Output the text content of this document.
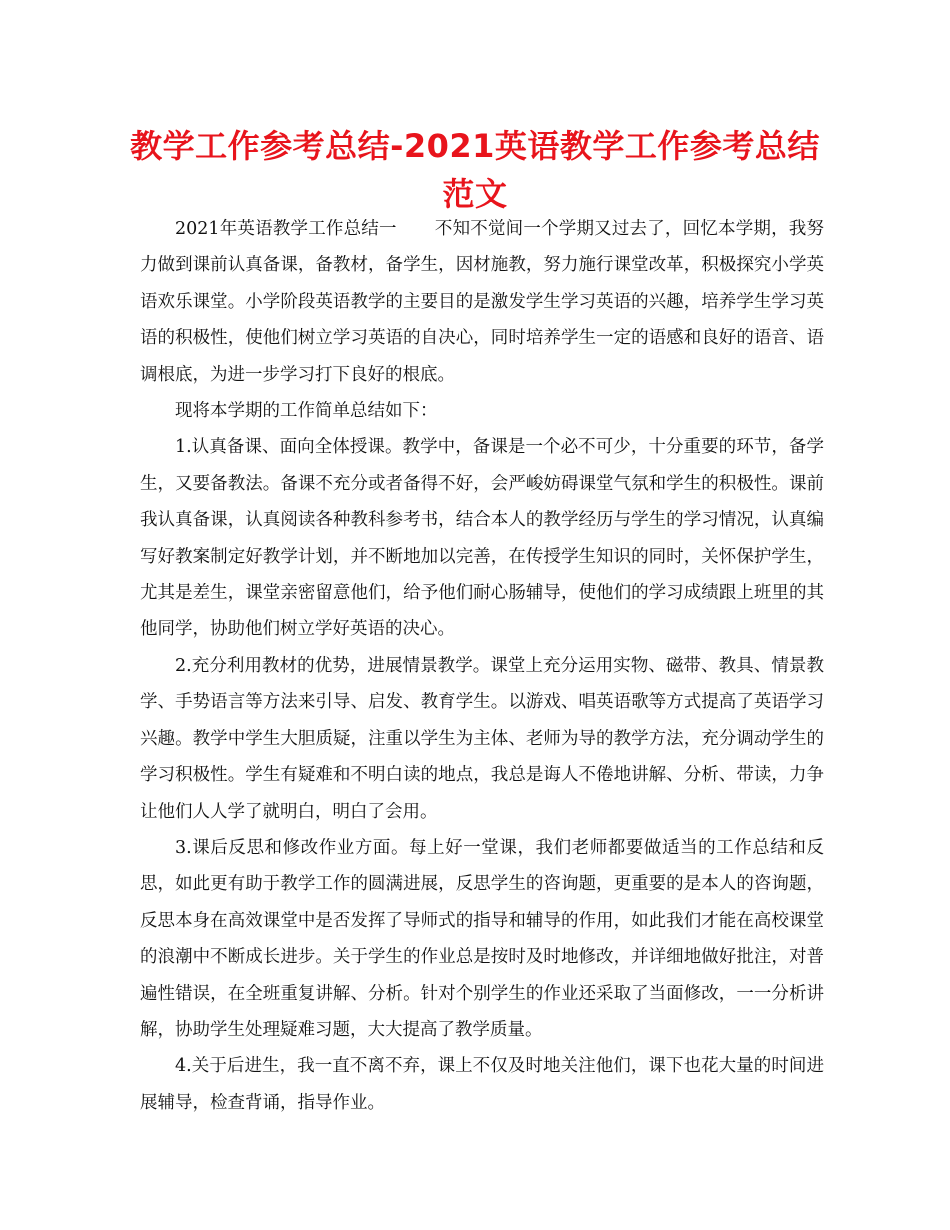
教学工作参考总结-2021英语教学工作参考总结范文

2021年英语教学工作总结一 不知不觉间一个学期又过去了，回忆本学期，我努力做到课前认真备课，备教材，备学生，因材施教，努力施行课堂改革，积极探究小学英语欢乐课堂。小学阶段英语教学的主要目的是激发学生学习英语的兴趣，培养学生学习英语的积极性，使他们树立学习英语的自决心，同时培养学生一定的语感和良好的语音、语调根底，为进一步学习打下良好的根底。

现将本学期的工作简单总结如下：

1.认真备课、面向全体授课。教学中，备课是一个必不可少，十分重要的环节，备学生，又要备教法。备课不充分或者备得不好，会严峻妨碍课堂气氛和学生的积极性。课前我认真备课，认真阅读各种教科参考书，结合本人的教学经历与学生的学习情况，认真编写好教案制定好教学计划，并不断地加以完善，在传授学生知识的同时，关怀保护学生，尤其是差生，课堂亲密留意他们，给予他们耐心肠辅导，使他们的学习成绩跟上班里的其他同学，协助他们树立学好英语的决心。

2.充分利用教材的优势，进展情景教学。课堂上充分运用实物、磁带、教具、情景教学、手势语言等方法来引导、启发、教育学生。以游戏、唱英语歌等方式提高了英语学习兴趣。教学中学生大胆质疑，注重以学生为主体、老师为导的教学方法，充分调动学生的学习积极性。学生有疑难和不明白读的地点，我总是诲人不倦地讲解、分析、带读，力争让他们人人学了就明白，明白了会用。

3.课后反思和修改作业方面。每上好一堂课，我们老师都要做适当的工作总结和反思，如此更有助于教学工作的圆满进展，反思学生的咨询题，更重要的是本人的咨询题，反思本身在高效课堂中是否发挥了导师式的指导和辅导的作用，如此我们才能在高校课堂的浪潮中不断成长进步。关于学生的作业总是按时及时地修改，并详细地做好批注，对普遍性错误，在全班重复讲解、分析。针对个别学生的作业还采取了当面修改，一一分析讲解，协助学生处理疑难习题，大大提高了教学质量。

4.关于后进生，我一直不离不弃，课上不仅及时地关注他们，课下也花大量的时间进展辅导，检查背诵，指导作业。
